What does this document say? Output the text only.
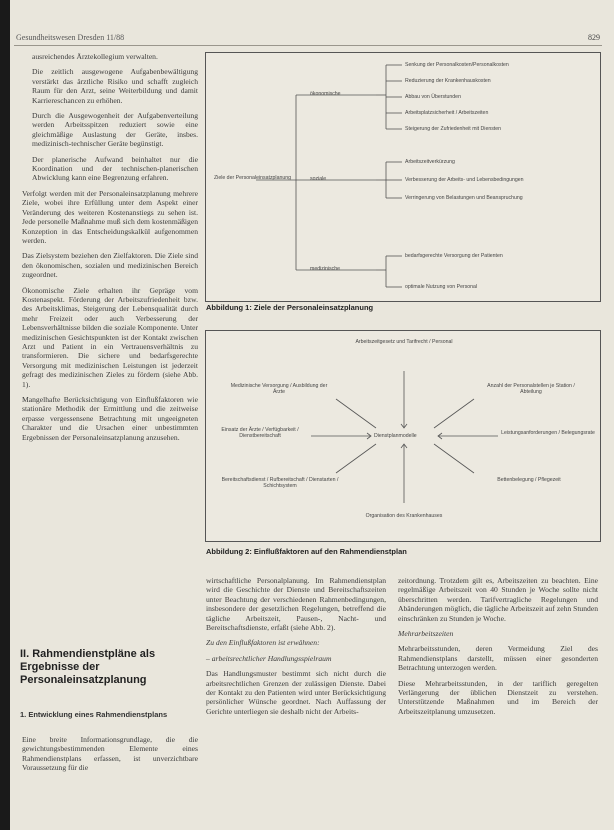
Gesundheitswesen Dresden 11/88	829

ausreichendes Ärztekollegium verwalten.

Die zeitlich ausgewogene Aufgabenbewältigung verstärkt das ärztliche Risiko und schafft zugleich Raum für den Arzt, seine Weiterbildung und damit Karriereschancen zu erhöhen.

Durch die Ausgewogenheit der Aufgabenverteilung werden Arbeitsspitzen reduziert sowie eine gleichmäßige Auslastung der Geräte, insbes. medizinisch-technischer Geräte begünstigt.

Der planerische Aufwand beinhaltet nur die Koordination und der technischen-planerischen Abwicklung kann eine Begrenzung erfahren.

Verfolgt werden mit der Personaleinsatzplanung mehrere Ziele, wobei ihre Erfüllung unter dem Aspekt einer Veränderung des weiteren Kostenanstiegs zu sehen ist. Jede personelle Maßnahme muß sich dem kostenmäßigen Konzeption in das Entscheidungskalkül aufgenommen werden.

Das Zielsystem beziehen den Zielfaktoren. Die Ziele sind den ökonomischen, sozialen und medizinischen Bereich zugeordnet.

Ökonomische Ziele erhalten ihr Gepräge vom Kostenaspekt. Förderung der Arbeitszufriedenheit bzw. des Arbeitsklimas, Steigerung der Lebensqualität durch mehr Freizeit oder auch Verbesserung der Lebensverhältnisse bilden die soziale Komponente. Unter medizinischen Gesichtspunkten ist der Kontakt zwischen Arzt und Patient in ein Vertrauensverhältnis zu transformieren. Die sichere und bedarfsgerechte Versorgung mit medizinischen Leistungen ist jederzeit gefragt des medizinischen Zieles zu fördern (siehe Abb. 1).

Mangelhafte Berücksichtigung von Einflußfaktoren wie stationäre Methodik der Ermittlung und die zeitweise erpasse vergessensene Betrachtung mit ungeeigneten Charakter und die Ursachen einer unbestimmten Ergebnissen der Personaleinsatzplanung anzusehen.

II. Rahmendienstpläne als Ergebnisse der Personaleinsatzplanung
1. Entwicklung eines Rahmendienstplans

Eine breite Informationsgrundlage, die die gewichtungsbestimmenden Elemente eines Rahmendienstplans erfassen, ist unverzichtbare Voraussetzung für die

Ziele der Personaleinsatzplanung
ökonomische
soziale
medizinische
Senkung der Personalkosten/Personalkosten
Reduzierung der Krankenhauskosten
Abbau von Überstunden
Arbeitsplatzsicherheit / Arbeitszeiten
Steigerung der Zufriedenheit mit Diensten
Arbeitszeitverkürzung
Verbesserung der Arbeits- und Lebensbedingungen
Verringerung von Belastungen und Beanspruchung
bedarfsgerechte Versorgung der Patienten
optimale Nutzung von Personal
Abbildung 1: Ziele der Personaleinsatzplanung
Dienstplanmodelle
Arbeitszeitgesetz und Tarifrecht / Personal
Medizinische Versorgung / Ausbildung der Ärzte
Anzahl der Personalstellen je Station / Abteilung
Einsatz der Ärzte / Verfügbarkeit / Dienstbereitschaft	Leistungsanforderungen / Belegungsrate
Bereitschaftsdienst / Rufbereitschaft / Dienstarten / Schichtsystem
Bettenbelegung / Pflegezeit
Organisation des Krankenhauses
Abbildung 2: Einflußfaktoren auf den Rahmendienstplan

wirtschaftliche Personalplanung. Im Rahmendienstplan wird die Geschichte der Dienste und Bereitschaftszeiten unter Beachtung der verschiedenen Rahmenbedingungen, insbesondere der gesetzlichen Regelungen, betreffend die tägliche Arbeitszeit, Pausen-, Nacht- und Bereitschaftsdienste, erfaßt (siehe Abb. 2).

Zu den Einflußfaktoren ist erwähnen:

– arbeitsrechtlicher Handlungsspielraum

Das Handlungsmuster bestimmt sich nicht durch die arbeitsrechtlichen Grenzen der zulässigen Dienste. Dabei der Kontakt zu den Patienten wird unter Berücksichtigung persönlicher Wünsche geordnet. Nach Auffassung der Gerichte unterliegen sie deshalb nicht der Arbeits-

zeitordnung. Trotzdem gilt es, Arbeitszeiten zu beachten. Eine regelmäßige Arbeitszeit von 40 Stunden je Woche sollte nicht überschritten werden. Tarifvertragliche Regelungen und Abänderungen möglich, die tägliche Arbeitszeit auf zehn Stunden einschränken zu Stunden je Woche.

Mehrarbeitszeiten

Mehrarbeitsstunden, deren Vermeidung Ziel des Rahmendienstplans darstellt, müssen einer gesonderten Betrachtung unterzogen werden.

Diese Mehrarbeitsstunden, in der tariflich geregelten Verlängerung der üblichen Dienstzeit zu verstehen. Unterstützende Maßnahmen und im Bereich der Arbeitszeitplanung umzusetzen.
